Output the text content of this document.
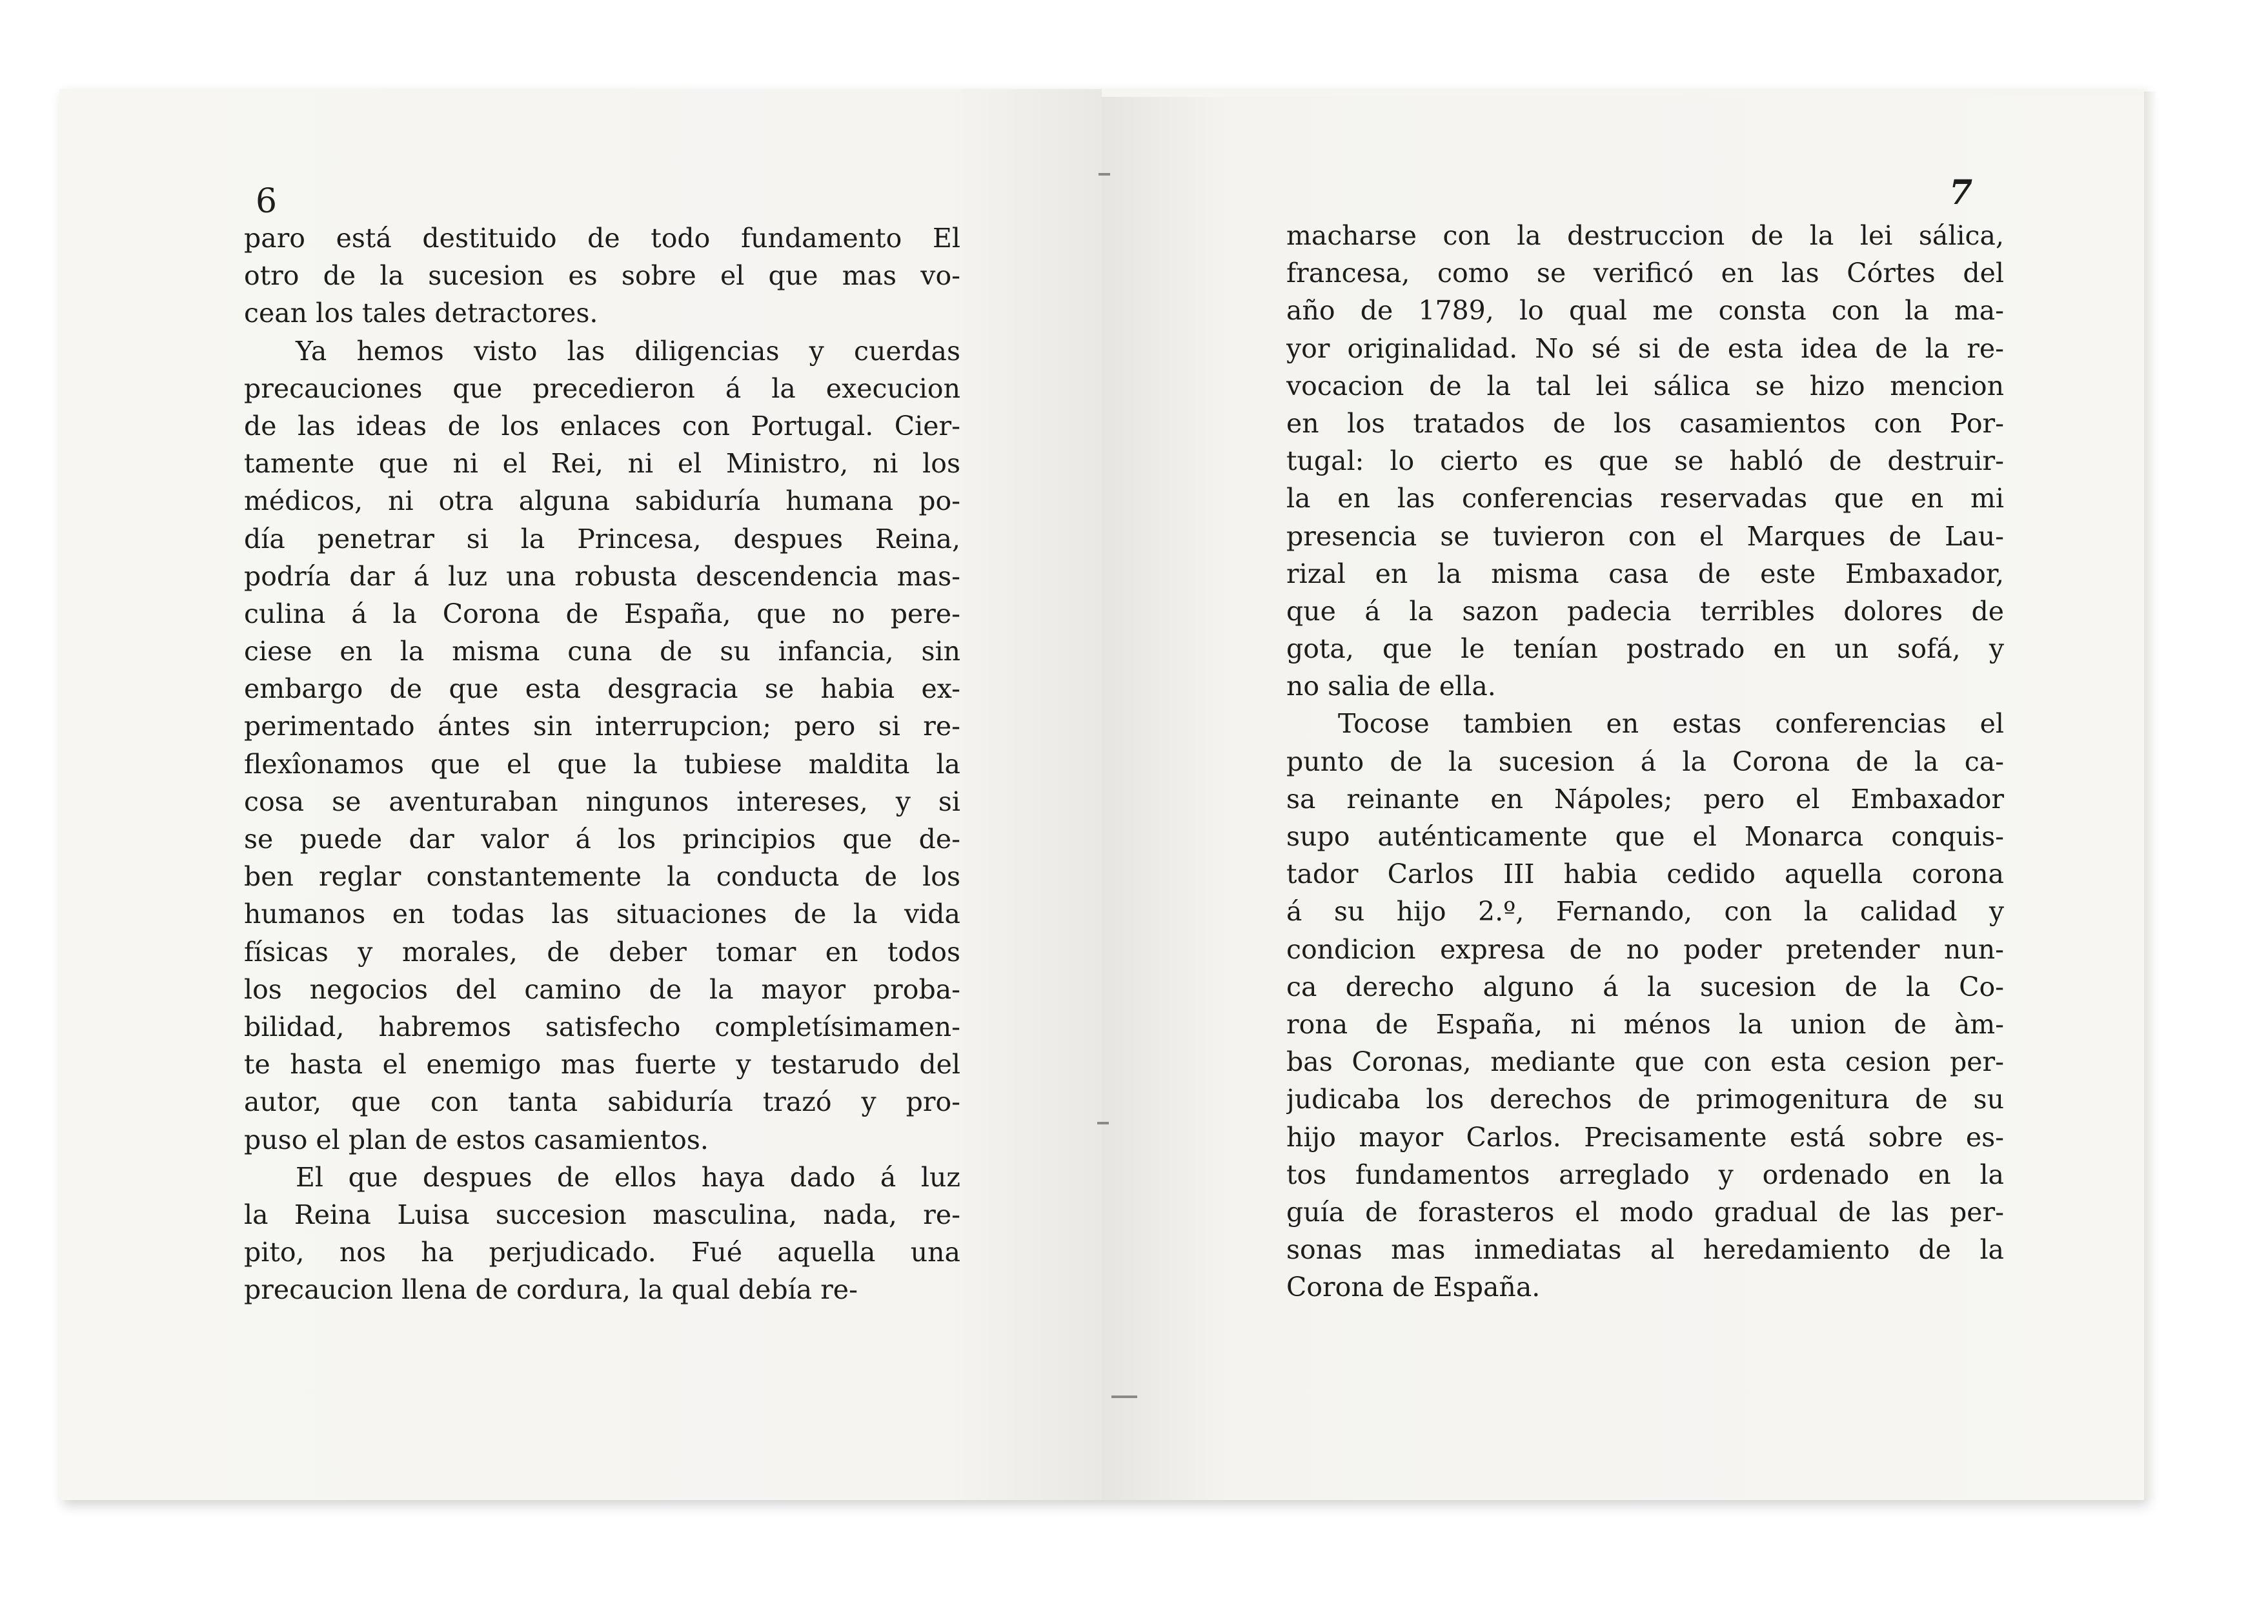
6	7
paro está destituido de todo fundamento El
otro de la sucesion es sobre el que mas vo-
cean los tales detractores.
Ya hemos visto las diligencias y cuerdas
precauciones que precedieron á la execucion
de las ideas de los enlaces con Portugal. Cier-
tamente que ni el Rei, ni el Ministro, ni los
médicos, ni otra alguna sabiduría humana po-
día penetrar si la Princesa, despues Reina,
podría dar á luz una robusta descendencia mas-
culina á la Corona de España, que no pere-
ciese en la misma cuna de su infancia, sin
embargo de que esta desgracia se habia ex-
perimentado ántes sin interrupcion; pero si re-
flexîonamos que el que la tubiese maldita la
cosa se aventuraban ningunos intereses, y si
se puede dar valor á los principios que de-
ben reglar constantemente la conducta de los
humanos en todas las situaciones de la vida
físicas y morales, de deber tomar en todos
los negocios del camino de la mayor proba-
bilidad, habremos satisfecho completísimamen-
te hasta el enemigo mas fuerte y testarudo del
autor, que con tanta sabiduría trazó y pro-
puso el plan de estos casamientos.
El que despues de ellos haya dado á luz
la Reina Luisa succesion masculina, nada, re-
pito, nos ha perjudicado. Fué aquella una
precaucion llena de cordura, la qual debía re-
macharse con la destruccion de la lei sálica,
francesa, como se verificó en las Córtes del
año de 1789, lo qual me consta con la ma-
yor originalidad. No sé si de esta idea de la re-
vocacion de la tal lei sálica se hizo mencion
en los tratados de los casamientos con Por-
tugal: lo cierto es que se habló de destruir-
la en las conferencias reservadas que en mi
presencia se tuvieron con el Marques de Lau-
rizal en la misma casa de este Embaxador,
que á la sazon padecia terribles dolores de
gota, que le tenían postrado en un sofá, y
no salia de ella.
Tocose tambien en estas conferencias el
punto de la sucesion á la Corona de la ca-
sa reinante en Nápoles; pero el Embaxador
supo auténticamente que el Monarca conquis-
tador Carlos III habia cedido aquella corona
á su hijo 2.º, Fernando, con la calidad y
condicion expresa de no poder pretender nun-
ca derecho alguno á la sucesion de la Co-
rona de España, ni ménos la union de àm-
bas Coronas, mediante que con esta cesion per-
judicaba los derechos de primogenitura de su
hijo mayor Carlos. Precisamente está sobre es-
tos fundamentos arreglado y ordenado en la
guía de forasteros el modo gradual de las per-
sonas mas inmediatas al heredamiento de la
Corona de España.
